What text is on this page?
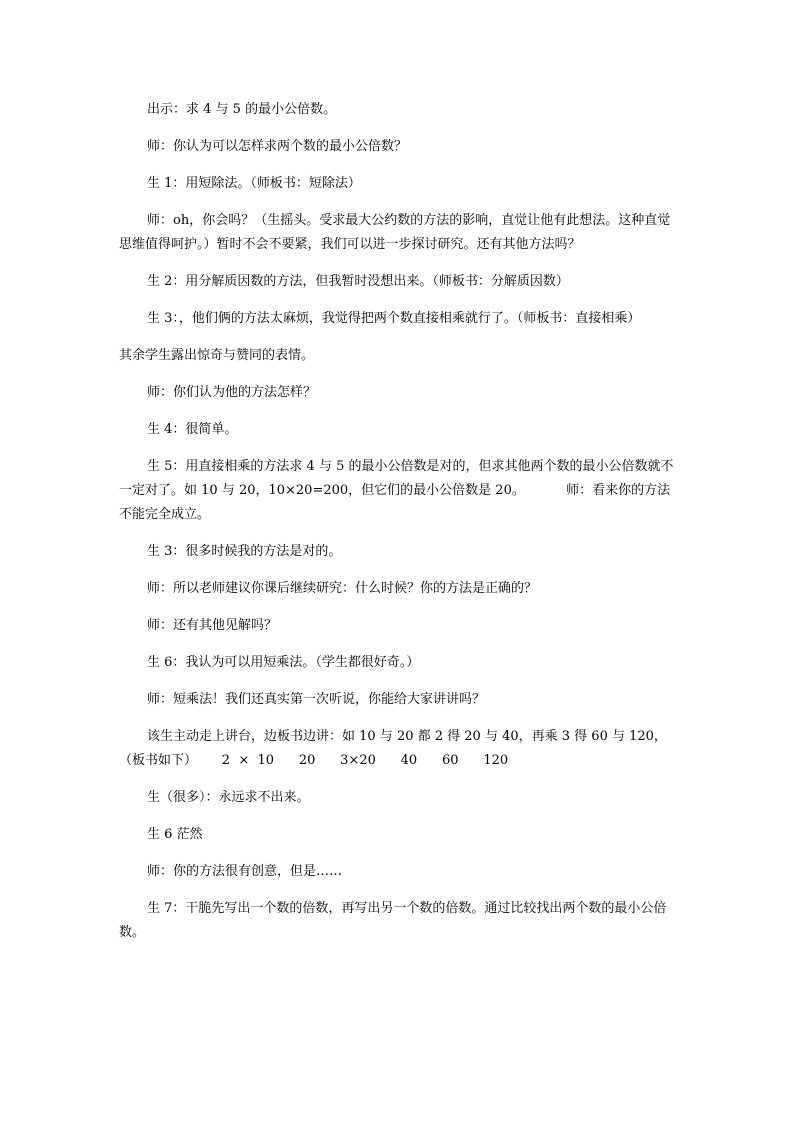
出示：求 4 与 5 的最小公倍数。

师：你认为可以怎样求两个数的最小公倍数？

生 1：用短除法。（师板书：短除法）

师：oh，你会吗？（生摇头。受求最大公约数的方法的影响，直觉让他有此想法。这种直觉思维值得呵护。）暂时不会不要紧，我们可以进一步探讨研究。还有其他方法吗？

生 2：用分解质因数的方法，但我暂时没想出来。（师板书：分解质因数）

生 3：，他们俩的方法太麻烦，我觉得把两个数直接相乘就行了。（师板书：直接相乘）

其余学生露出惊奇与赞同的表情。

师：你们认为他的方法怎样？

生 4：很简单。

生 5：用直接相乘的方法求 4 与 5 的最小公倍数是对的，但求其他两个数的最小公倍数就不一定对了。如 10 与 20，10×20=200，但它们的最小公倍数是 20。          师：看来你的方法不能完全成立。

生 3：很多时候我的方法是对的。

师：所以老师建议你课后继续研究：什么时候？你的方法是正确的？

师：还有其他见解吗？

生 6：我认为可以用短乘法。（学生都很好奇。）

师：短乘法！我们还真实第一次听说，你能给大家讲讲吗？

该生主动走上讲台，边板书边讲：如 10 与 20 都 2 得 20 与 40，再乘 3 得 60 与 120，（板书如下）      2  ×  10      20      3×20      40      60      120

生（很多）：永远求不出来。

生 6 茫然

师：你的方法很有创意，但是……

生 7：干脆先写出一个数的倍数，再写出另一个数的倍数。通过比较找出两个数的最小公倍数。
